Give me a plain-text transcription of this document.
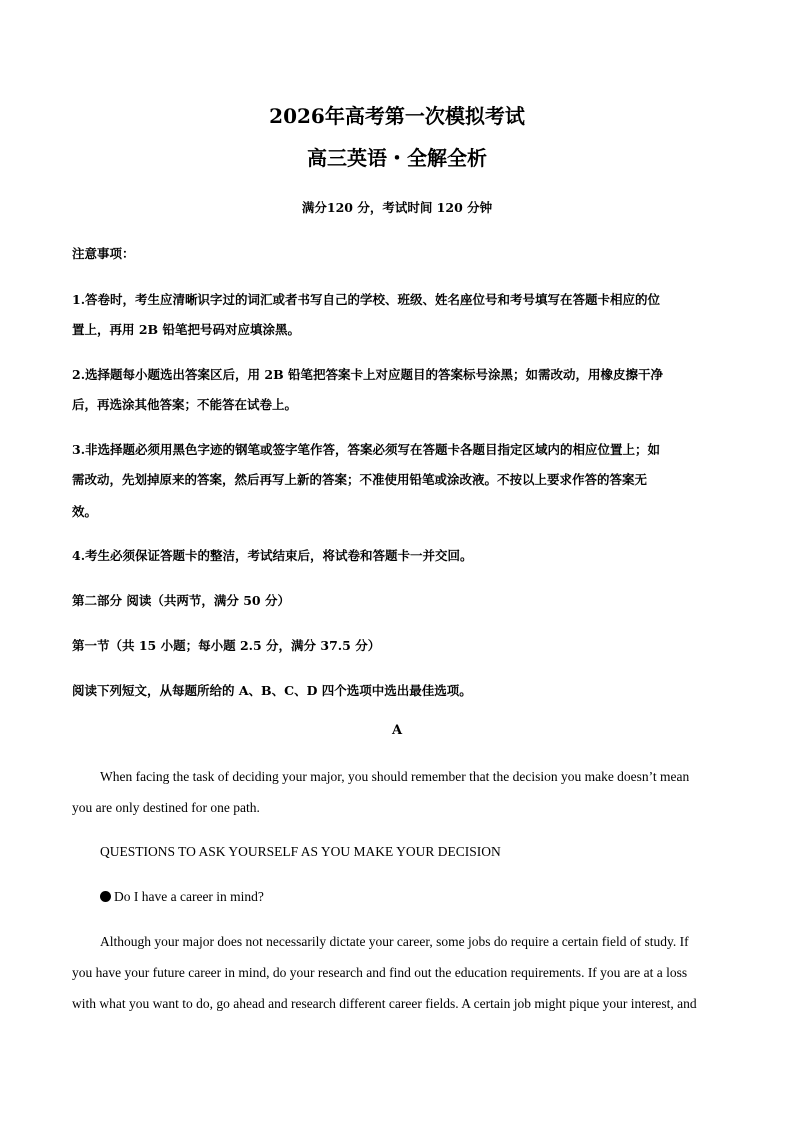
2026年高考第一次模拟考试
高三英语・全解全析
满分120 分，考试时间 120 分钟
注意事项：
1.答卷时，考生应清晰识字过的词汇或者书写自己的学校、班级、姓名座位号和考号填写在答题卡相应的位
置上，再用 2B 铅笔把号码对应填涂黑。
2.选择题每小题选出答案区后，用 2B 铅笔把答案卡上对应题目的答案标号涂黑；如需改动，用橡皮擦干净
后，再选涂其他答案；不能答在试卷上。
3.非选择题必须用黑色字迹的钢笔或签字笔作答，答案必须写在答题卡各题目指定区域内的相应位置上；如
需改动，先划掉原来的答案，然后再写上新的答案；不准使用铅笔或涂改液。不按以上要求作答的答案无
效。
4.考生必须保证答题卡的整洁，考试结束后，将试卷和答题卡一并交回。
第二部分 阅读（共两节，满分 50 分）
第一节（共 15 小题；每小题 2.5 分，满分 37.5 分）
阅读下列短文，从每题所给的 A、B、C、D 四个选项中选出最佳选项。
A
When facing the task of deciding your major, you should remember that the decision you make doesn’t mean
you are only destined for one path.
QUESTIONS TO ASK YOURSELF AS YOU MAKE YOUR DECISION
Do I have a career in mind?
Although your major does not necessarily dictate your career, some jobs do require a certain field of study. If
you have your future career in mind, do your research and find out the education requirements. If you are at a loss
with what you want to do, go ahead and research different career fields. A certain job might pique your interest, and
